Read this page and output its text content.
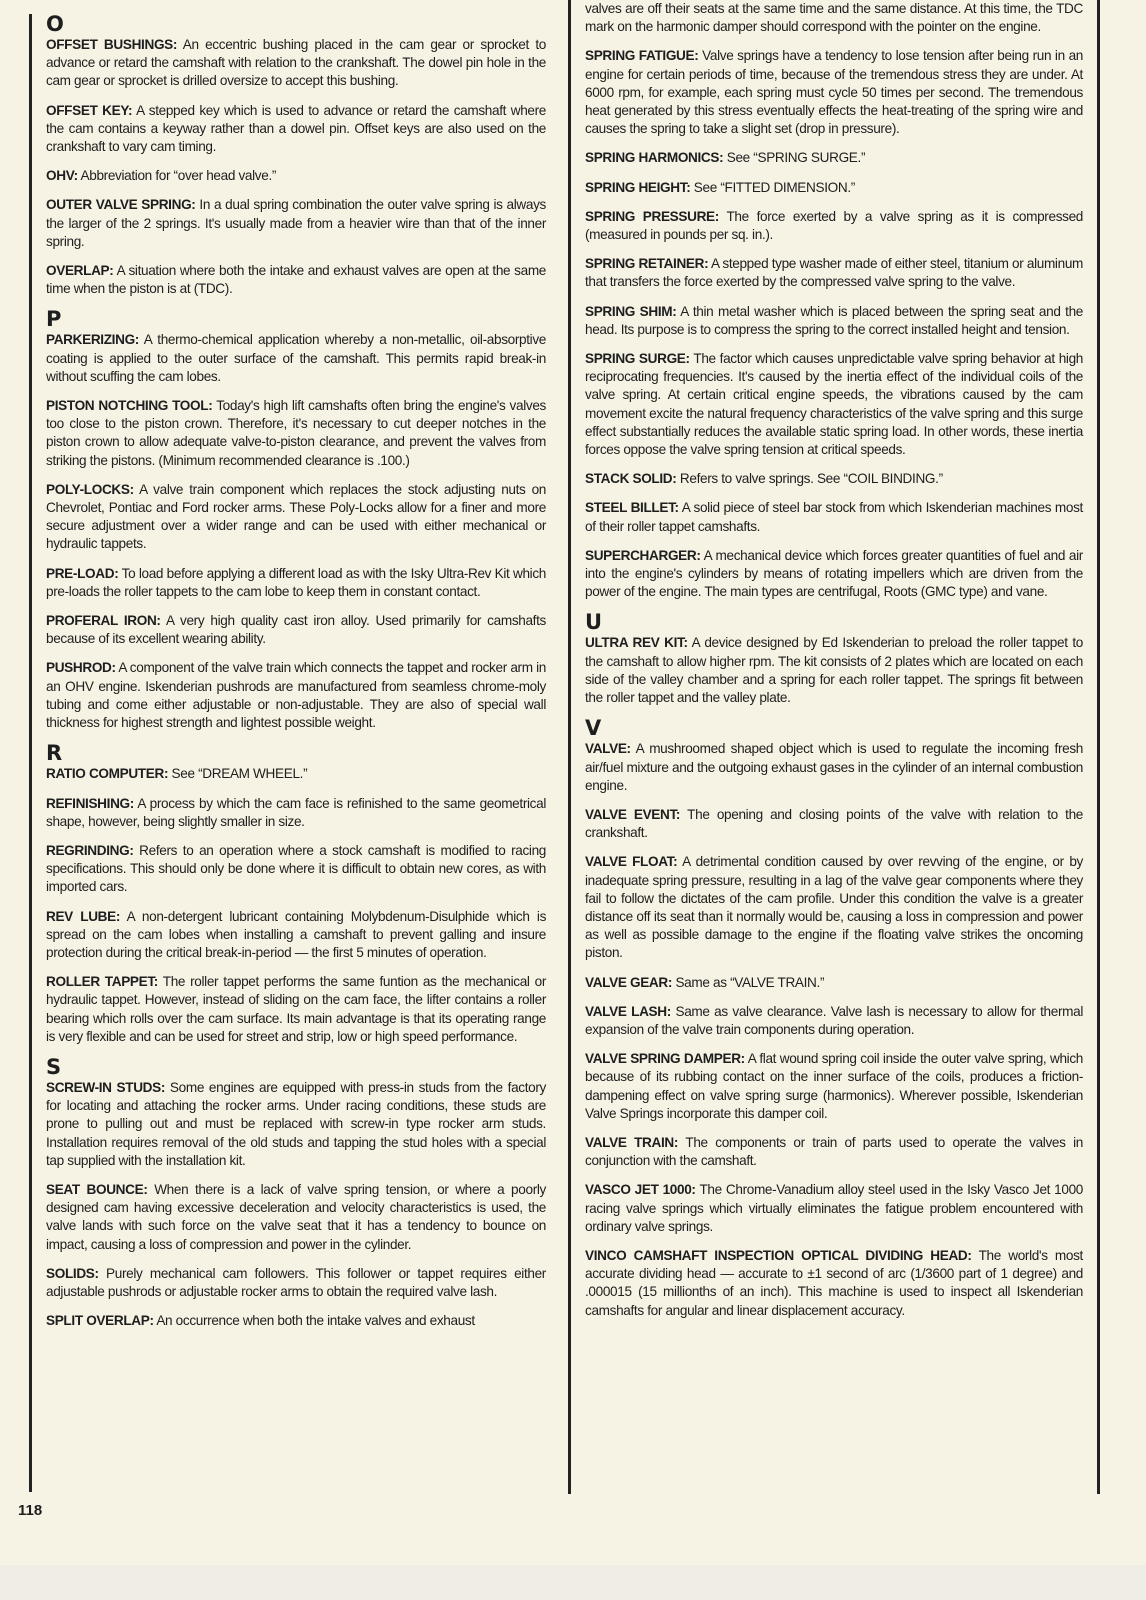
O
OFFSET BUSHINGS: An eccentric bushing placed in the cam gear or sprocket to advance or retard the camshaft with relation to the crankshaft. The dowel pin hole in the cam gear or sprocket is drilled oversize to accept this bushing.
OFFSET KEY: A stepped key which is used to advance or retard the camshaft where the cam contains a keyway rather than a dowel pin. Offset keys are also used on the crankshaft to vary cam timing.
OHV: Abbreviation for “over head valve.”
OUTER VALVE SPRING: In a dual spring combination the outer valve spring is always the larger of the 2 springs. It's usually made from a heavier wire than that of the inner spring.
OVERLAP: A situation where both the intake and exhaust valves are open at the same time when the piston is at (TDC).
P
PARKERIZING: A thermo-chemical application whereby a non-metallic, oil-absorptive coating is applied to the outer surface of the camshaft. This permits rapid break-in without scuffing the cam lobes.
PISTON NOTCHING TOOL: Today's high lift camshafts often bring the engine's valves too close to the piston crown. Therefore, it's necessary to cut deeper notches in the piston crown to allow adequate valve-to-piston clearance, and prevent the valves from striking the pistons. (Minimum recommended clearance is .100.)
POLY-LOCKS: A valve train component which replaces the stock adjusting nuts on Chevrolet, Pontiac and Ford rocker arms. These Poly-Locks allow for a finer and more secure adjustment over a wider range and can be used with either mechanical or hydraulic tappets.
PRE-LOAD: To load before applying a different load as with the Isky Ultra-Rev Kit which pre-loads the roller tappets to the cam lobe to keep them in constant contact.
PROFERAL IRON: A very high quality cast iron alloy. Used primarily for camshafts because of its excellent wearing ability.
PUSHROD: A component of the valve train which connects the tappet and rocker arm in an OHV engine. Iskenderian pushrods are manufactured from seamless chrome-moly tubing and come either adjustable or non-adjustable. They are also of special wall thickness for highest strength and lightest possible weight.
R
RATIO COMPUTER: See “DREAM WHEEL.”
REFINISHING: A process by which the cam face is refinished to the same geometrical shape, however, being slightly smaller in size.
REGRINDING: Refers to an operation where a stock camshaft is modified to racing specifications. This should only be done where it is difficult to obtain new cores, as with imported cars.
REV LUBE: A non-detergent lubricant containing Molybdenum-Disulphide which is spread on the cam lobes when installing a camshaft to prevent galling and insure protection during the critical break-in-period — the first 5 minutes of operation.
ROLLER TAPPET: The roller tappet performs the same funtion as the mechanical or hydraulic tappet. However, instead of sliding on the cam face, the lifter contains a roller bearing which rolls over the cam surface. Its main advantage is that its operating range is very flexible and can be used for street and strip, low or high speed performance.
S
SCREW-IN STUDS: Some engines are equipped with press-in studs from the factory for locating and attaching the rocker arms. Under racing conditions, these studs are prone to pulling out and must be replaced with screw-in type rocker arm studs. Installation requires removal of the old studs and tapping the stud holes with a special tap supplied with the installation kit.
SEAT BOUNCE: When there is a lack of valve spring tension, or where a poorly designed cam having excessive deceleration and velocity characteristics is used, the valve lands with such force on the valve seat that it has a tendency to bounce on impact, causing a loss of compression and power in the cylinder.
SOLIDS: Purely mechanical cam followers. This follower or tappet requires either adjustable pushrods or adjustable rocker arms to obtain the required valve lash.
SPLIT OVERLAP: An occurrence when both the intake valves and exhaust
valves are off their seats at the same time and the same distance. At this time, the TDC mark on the harmonic damper should correspond with the pointer on the engine.
SPRING FATIGUE: Valve springs have a tendency to lose tension after being run in an engine for certain periods of time, because of the tremendous stress they are under. At 6000 rpm, for example, each spring must cycle 50 times per second. The tremendous heat generated by this stress eventually effects the heat-treating of the spring wire and causes the spring to take a slight set (drop in pressure).
SPRING HARMONICS: See “SPRING SURGE.”
SPRING HEIGHT: See “FITTED DIMENSION.”
SPRING PRESSURE: The force exerted by a valve spring as it is compressed (measured in pounds per sq. in.).
SPRING RETAINER: A stepped type washer made of either steel, titanium or aluminum that transfers the force exerted by the compressed valve spring to the valve.
SPRING SHIM: A thin metal washer which is placed between the spring seat and the head. Its purpose is to compress the spring to the correct installed height and tension.
SPRING SURGE: The factor which causes unpredictable valve spring behavior at high reciprocating frequencies. It's caused by the inertia effect of the individual coils of the valve spring. At certain critical engine speeds, the vibrations caused by the cam movement excite the natural frequency characteristics of the valve spring and this surge effect substantially reduces the available static spring load. In other words, these inertia forces oppose the valve spring tension at critical speeds.
STACK SOLID: Refers to valve springs. See “COIL BINDING.”
STEEL BILLET: A solid piece of steel bar stock from which Iskenderian machines most of their roller tappet camshafts.
SUPERCHARGER: A mechanical device which forces greater quantities of fuel and air into the engine's cylinders by means of rotating impellers which are driven from the power of the engine. The main types are centrifugal, Roots (GMC type) and vane.
U
ULTRA REV KIT: A device designed by Ed Iskenderian to preload the roller tappet to the camshaft to allow higher rpm. The kit consists of 2 plates which are located on each side of the valley chamber and a spring for each roller tappet. The springs fit between the roller tappet and the valley plate.
V
VALVE: A mushroomed shaped object which is used to regulate the incoming fresh air/fuel mixture and the outgoing exhaust gases in the cylinder of an internal combustion engine.
VALVE EVENT: The opening and closing points of the valve with relation to the crankshaft.
VALVE FLOAT: A detrimental condition caused by over revving of the engine, or by inadequate spring pressure, resulting in a lag of the valve gear components where they fail to follow the dictates of the cam profile. Under this condition the valve is a greater distance off its seat than it normally would be, causing a loss in compression and power as well as possible damage to the engine if the floating valve strikes the oncoming piston.
VALVE GEAR: Same as “VALVE TRAIN.”
VALVE LASH: Same as valve clearance. Valve lash is necessary to allow for thermal expansion of the valve train components during operation.
VALVE SPRING DAMPER: A flat wound spring coil inside the outer valve spring, which because of its rubbing contact on the inner surface of the coils, produces a friction-dampening effect on valve spring surge (harmonics). Wherever possible, Iskenderian Valve Springs incorporate this damper coil.
VALVE TRAIN: The components or train of parts used to operate the valves in conjunction with the camshaft.
VASCO JET 1000: The Chrome-Vanadium alloy steel used in the Isky Vasco Jet 1000 racing valve springs which virtually eliminates the fatigue problem encountered with ordinary valve springs.
VINCO CAMSHAFT INSPECTION OPTICAL DIVIDING HEAD: The world's most accurate dividing head — accurate to ±1 second of arc (1/3600 part of 1 degree) and .000015 (15 millionths of an inch). This machine is used to inspect all Iskenderian camshafts for angular and linear displacement accuracy.
118
